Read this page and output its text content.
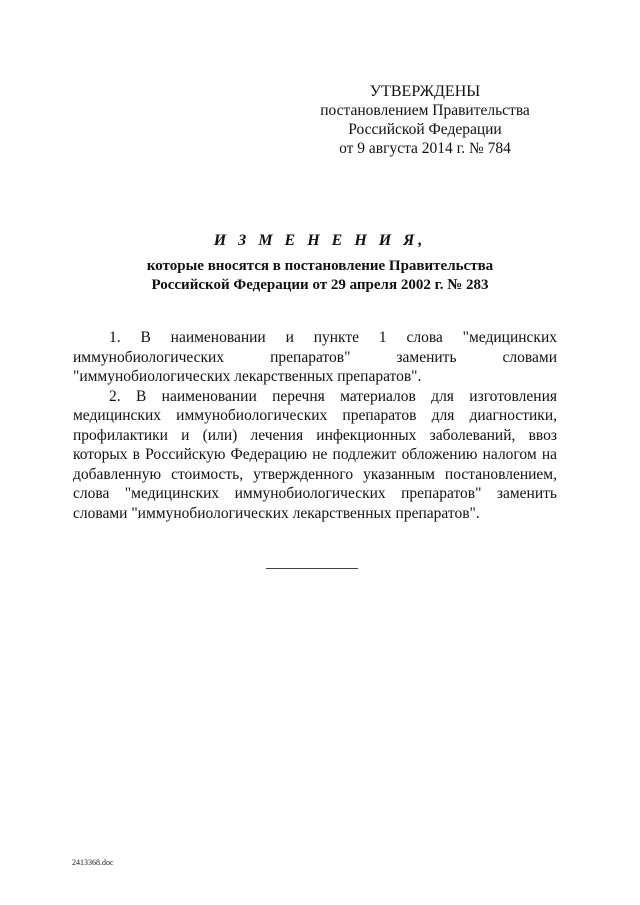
УТВЕРЖДЕНЫ
постановлением Правительства
Российской Федерации
от 9 августа 2014 г. № 784
И З М Е Н Е Н И Я,
которые вносятся в постановление Правительства
Российской Федерации от 29 апреля 2002 г. № 283

1. В наименовании и пункте 1 слова "медицинских иммунобиологических препаратов" заменить словами "иммунобиологических лекарственных препаратов".

2. В наименовании перечня материалов для изготовления медицинских иммунобиологических препаратов для диагностики, профилактики и (или) лечения инфекционных заболеваний, ввоз которых в Российскую Федерацию не подлежит обложению налогом на добавленную стоимость, утвержденного указанным постановлением, слова "медицинских иммунобиологических препаратов" заменить словами "иммунобиологических лекарственных препаратов".

2413368.doc
